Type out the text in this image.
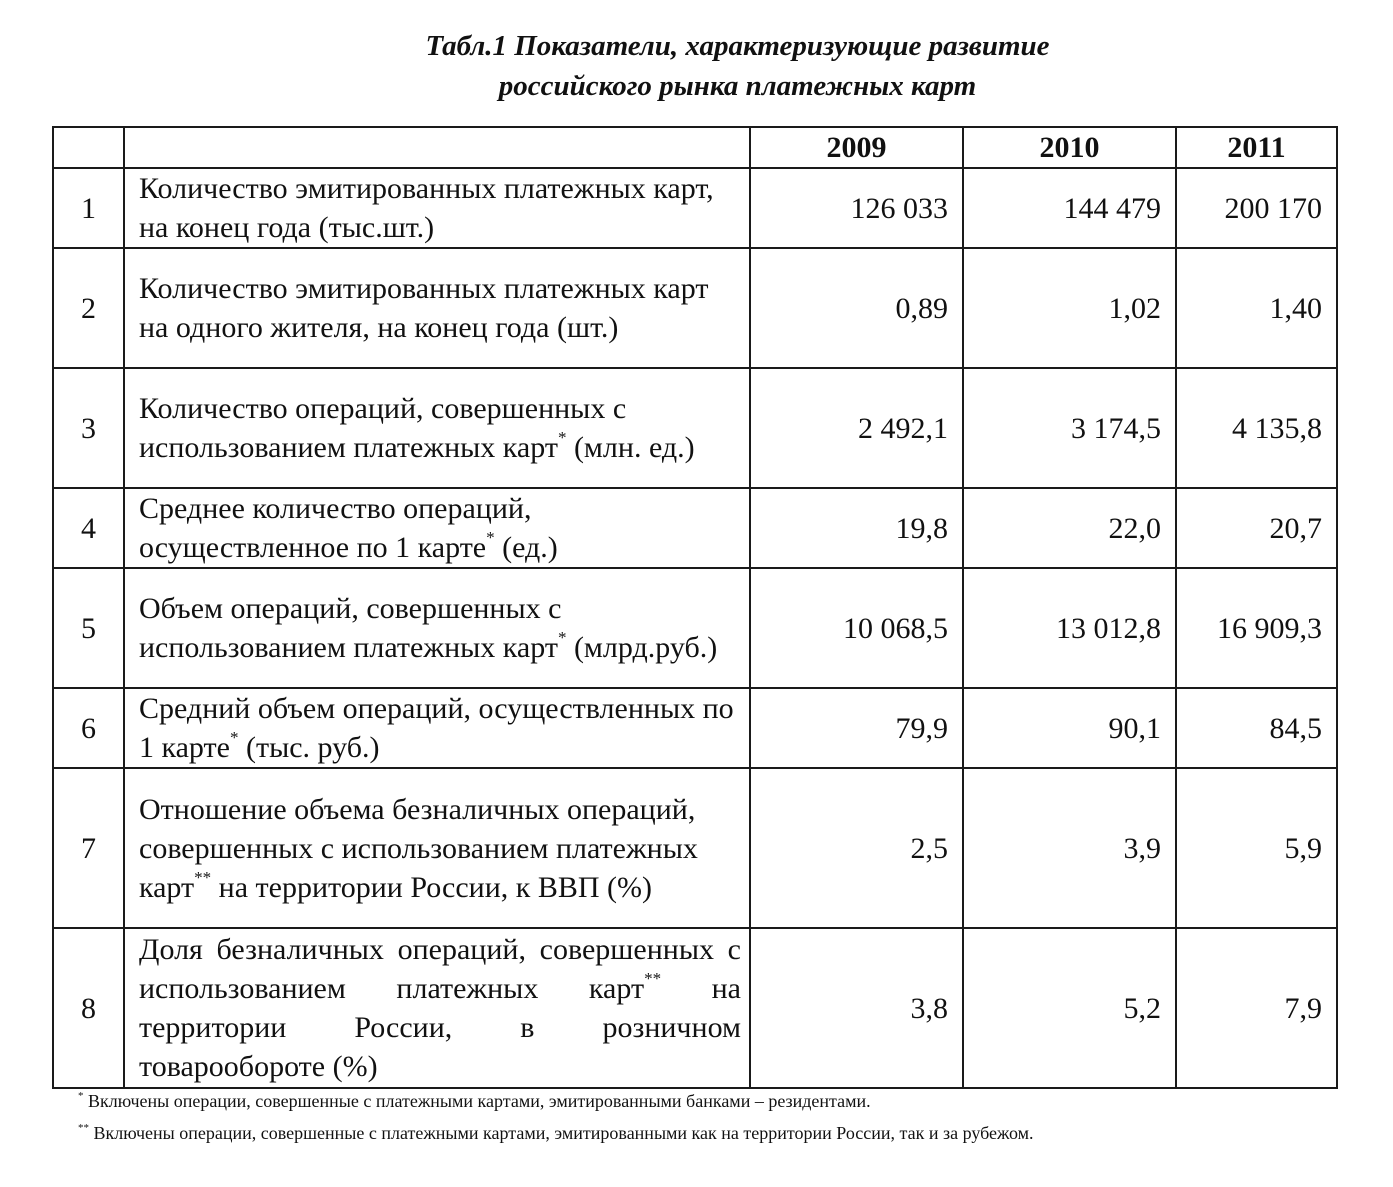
Табл.1 Показатели, характеризующие развитие
российского рынка платежных карт
		2009	2010	2011
1	Количество эмитированных платежных карт, на конец года (тыс.шт.)	126 033	144 479	200 170
2	Количество эмитированных платежных карт на одного жителя, на конец года (шт.)	0,89	1,02	1,40
3	Количество операций, совершенных с использованием платежных карт* (млн. ед.)	2 492,1	3 174,5	4 135,8
4	Среднее количество операций, осуществленное по 1 карте* (ед.)	19,8	22,0	20,7
5	Объем операций, совершенных с использованием платежных карт* (млрд.руб.)	10 068,5	13 012,8	16 909,3
6	Средний объем операций, осуществленных по 1 карте* (тыс. руб.)	79,9	90,1	84,5
7	Отношение объема безналичных операций, совершенных с использованием платежных карт** на территории России, к ВВП (%)	2,5	3,9	5,9
8	Доля безналичных операций, совершенных с использованием платежных карт** на территории России, в розничном товарообороте (%)	3,8	5,2	7,9
* Включены операции, совершенные с платежными картами, эмитированными банками – резидентами.
** Включены операции, совершенные с платежными картами, эмитированными как на территории России, так и за рубежом.
